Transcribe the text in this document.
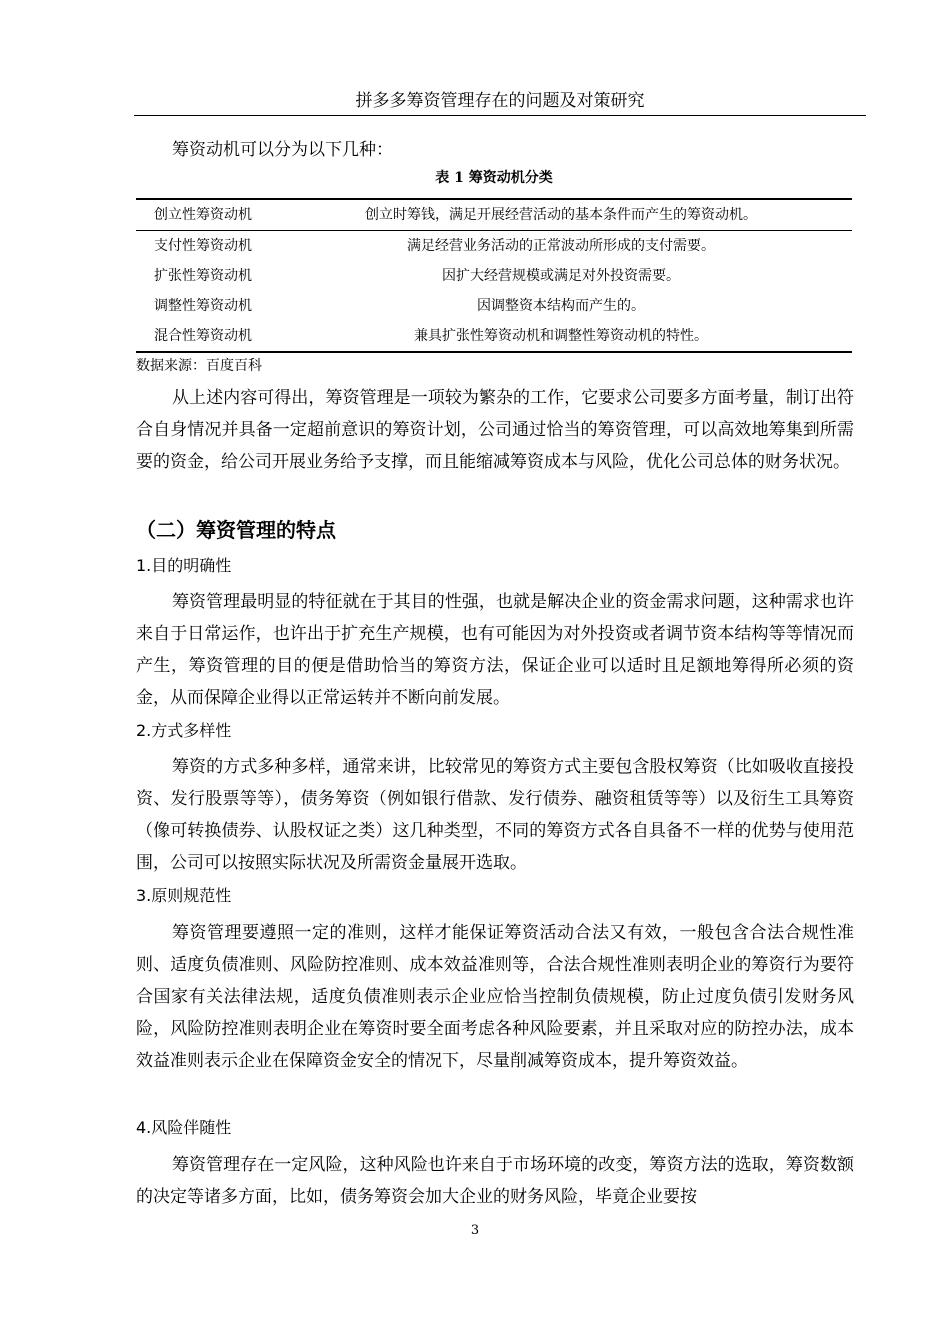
拼多多筹资管理存在的问题及对策研究

筹资动机可以分为以下几种：

表 1 筹资动机分类
创立性筹资动机	创立时筹钱，满足开展经营活动的基本条件而产生的筹资动机。
支付性筹资动机	满足经营业务活动的正常波动所形成的支付需要。
扩张性筹资动机	因扩大经营规模或满足对外投资需要。
调整性筹资动机	因调整资本结构而产生的。
混合性筹资动机	兼具扩张性筹资动机和调整性筹资动机的特性。
数据来源：百度百科

从上述内容可得出，筹资管理是一项较为繁杂的工作，它要求公司要多方面考量，制订出符合自身情况并具备一定超前意识的筹资计划，公司通过恰当的筹资管理，可以高效地筹集到所需要的资金，给公司开展业务给予支撑，而且能缩减筹资成本与风险，优化公司总体的财务状况。

（二）筹资管理的特点
1.目的明确性

筹资管理最明显的特征就在于其目的性强，也就是解决企业的资金需求问题，这种需求也许来自于日常运作，也许出于扩充生产规模，也有可能因为对外投资或者调节资本结构等等情况而产生，筹资管理的目的便是借助恰当的筹资方法，保证企业可以适时且足额地筹得所必须的资金，从而保障企业得以正常运转并不断向前发展。

2.方式多样性

筹资的方式多种多样，通常来讲，比较常见的筹资方式主要包含股权筹资（比如吸收直接投资、发行股票等等），债务筹资（例如银行借款、发行债券、融资租赁等等）以及衍生工具筹资（像可转换债券、认股权证之类）这几种类型，不同的筹资方式各自具备不一样的优势与使用范围，公司可以按照实际状况及所需资金量展开选取。

3.原则规范性

筹资管理要遵照一定的准则，这样才能保证筹资活动合法又有效，一般包含合法合规性准则、适度负债准则、风险防控准则、成本效益准则等，合法合规性准则表明企业的筹资行为要符合国家有关法律法规，适度负债准则表示企业应恰当控制负债规模，防止过度负债引发财务风险，风险防控准则表明企业在筹资时要全面考虑各种风险要素，并且采取对应的防控办法，成本效益准则表示企业在保障资金安全的情况下，尽量削减筹资成本，提升筹资效益。

4.风险伴随性

筹资管理存在一定风险，这种风险也许来自于市场环境的改变，筹资方法的选取，筹资数额的决定等诸多方面，比如，债务筹资会加大企业的财务风险，毕竟企业要按

3
